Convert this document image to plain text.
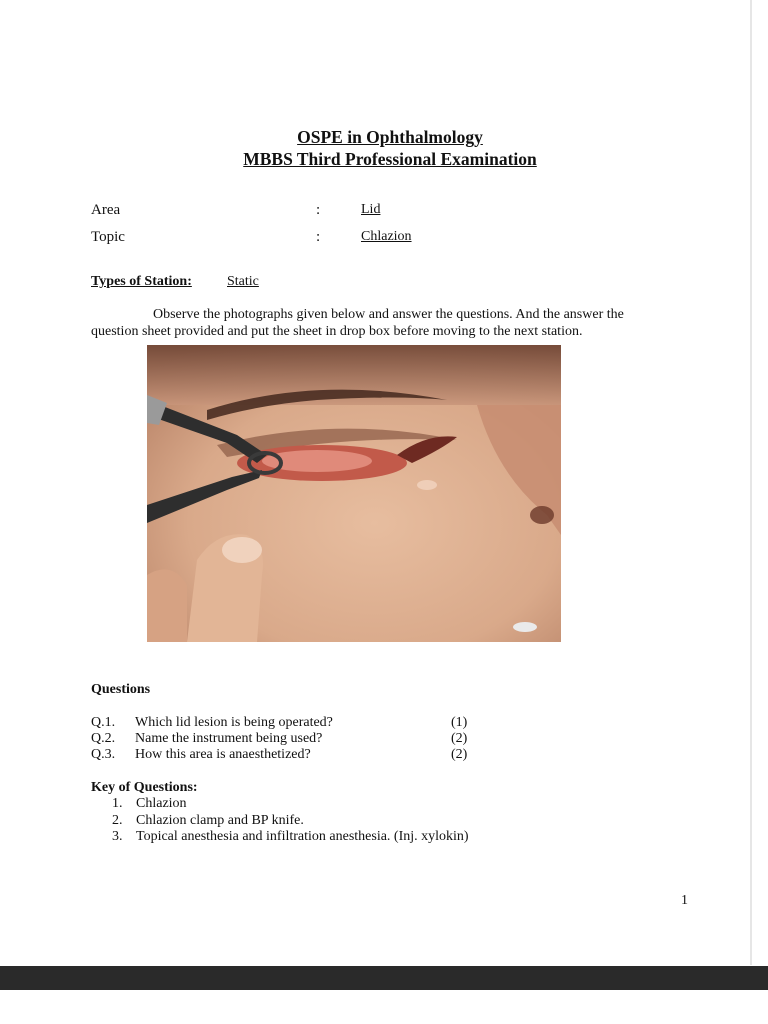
OSPE in Ophthalmology
MBBS Third Professional Examination
Area	:	Lid
Topic	:	Chlazion
Types of Station:	Static
Observe the photographs given below and answer the questions. And the answer the question sheet provided and put the sheet in drop box before moving to the next station.
Questions
Q.1. Which lid lesion is being operated?	(1)
Q.2. Name the instrument being used?	(2)
Q.3. How this area is anaesthetized?	(2)
Key of Questions:
1. Chlazion
2. Chlazion clamp and BP knife.
3. Topical anesthesia and infiltration anesthesia. (Inj. xylokin)
1
